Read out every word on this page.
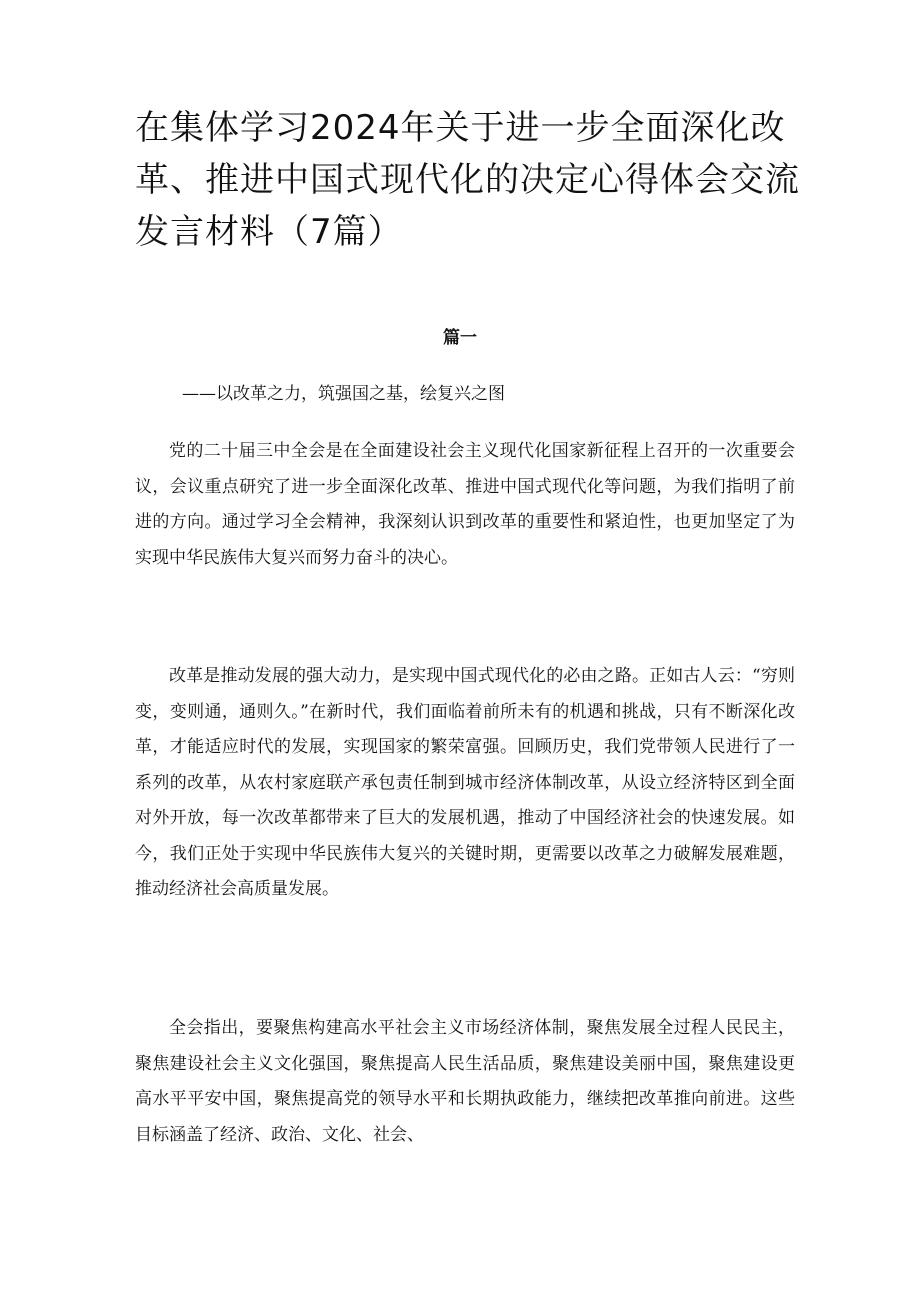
在集体学习2024年关于进一步全面深化改革、推进中国式现代化的决定心得体会交流发言材料（7篇）
篇一

——以改革之力，筑强国之基，绘复兴之图

党的二十届三中全会是在全面建设社会主义现代化国家新征程上召开的一次重要会议，会议重点研究了进一步全面深化改革、推进中国式现代化等问题，为我们指明了前进的方向。通过学习全会精神，我深刻认识到改革的重要性和紧迫性，也更加坚定了为实现中华民族伟大复兴而努力奋斗的决心。

改革是推动发展的强大动力，是实现中国式现代化的必由之路。正如古人云：“穷则变，变则通，通则久。”在新时代，我们面临着前所未有的机遇和挑战，只有不断深化改革，才能适应时代的发展，实现国家的繁荣富强。回顾历史，我们党带领人民进行了一系列的改革，从农村家庭联产承包责任制到城市经济体制改革，从设立经济特区到全面对外开放，每一次改革都带来了巨大的发展机遇，推动了中国经济社会的快速发展。如今，我们正处于实现中华民族伟大复兴的关键时期，更需要以改革之力破解发展难题，推动经济社会高质量发展。

全会指出，要聚焦构建高水平社会主义市场经济体制，聚焦发展全过程人民民主，聚焦建设社会主义文化强国，聚焦提高人民生活品质，聚焦建设美丽中国，聚焦建设更高水平平安中国，聚焦提高党的领导水平和长期执政能力，继续把改革推向前进。这些目标涵盖了经济、政治、文化、社会、
